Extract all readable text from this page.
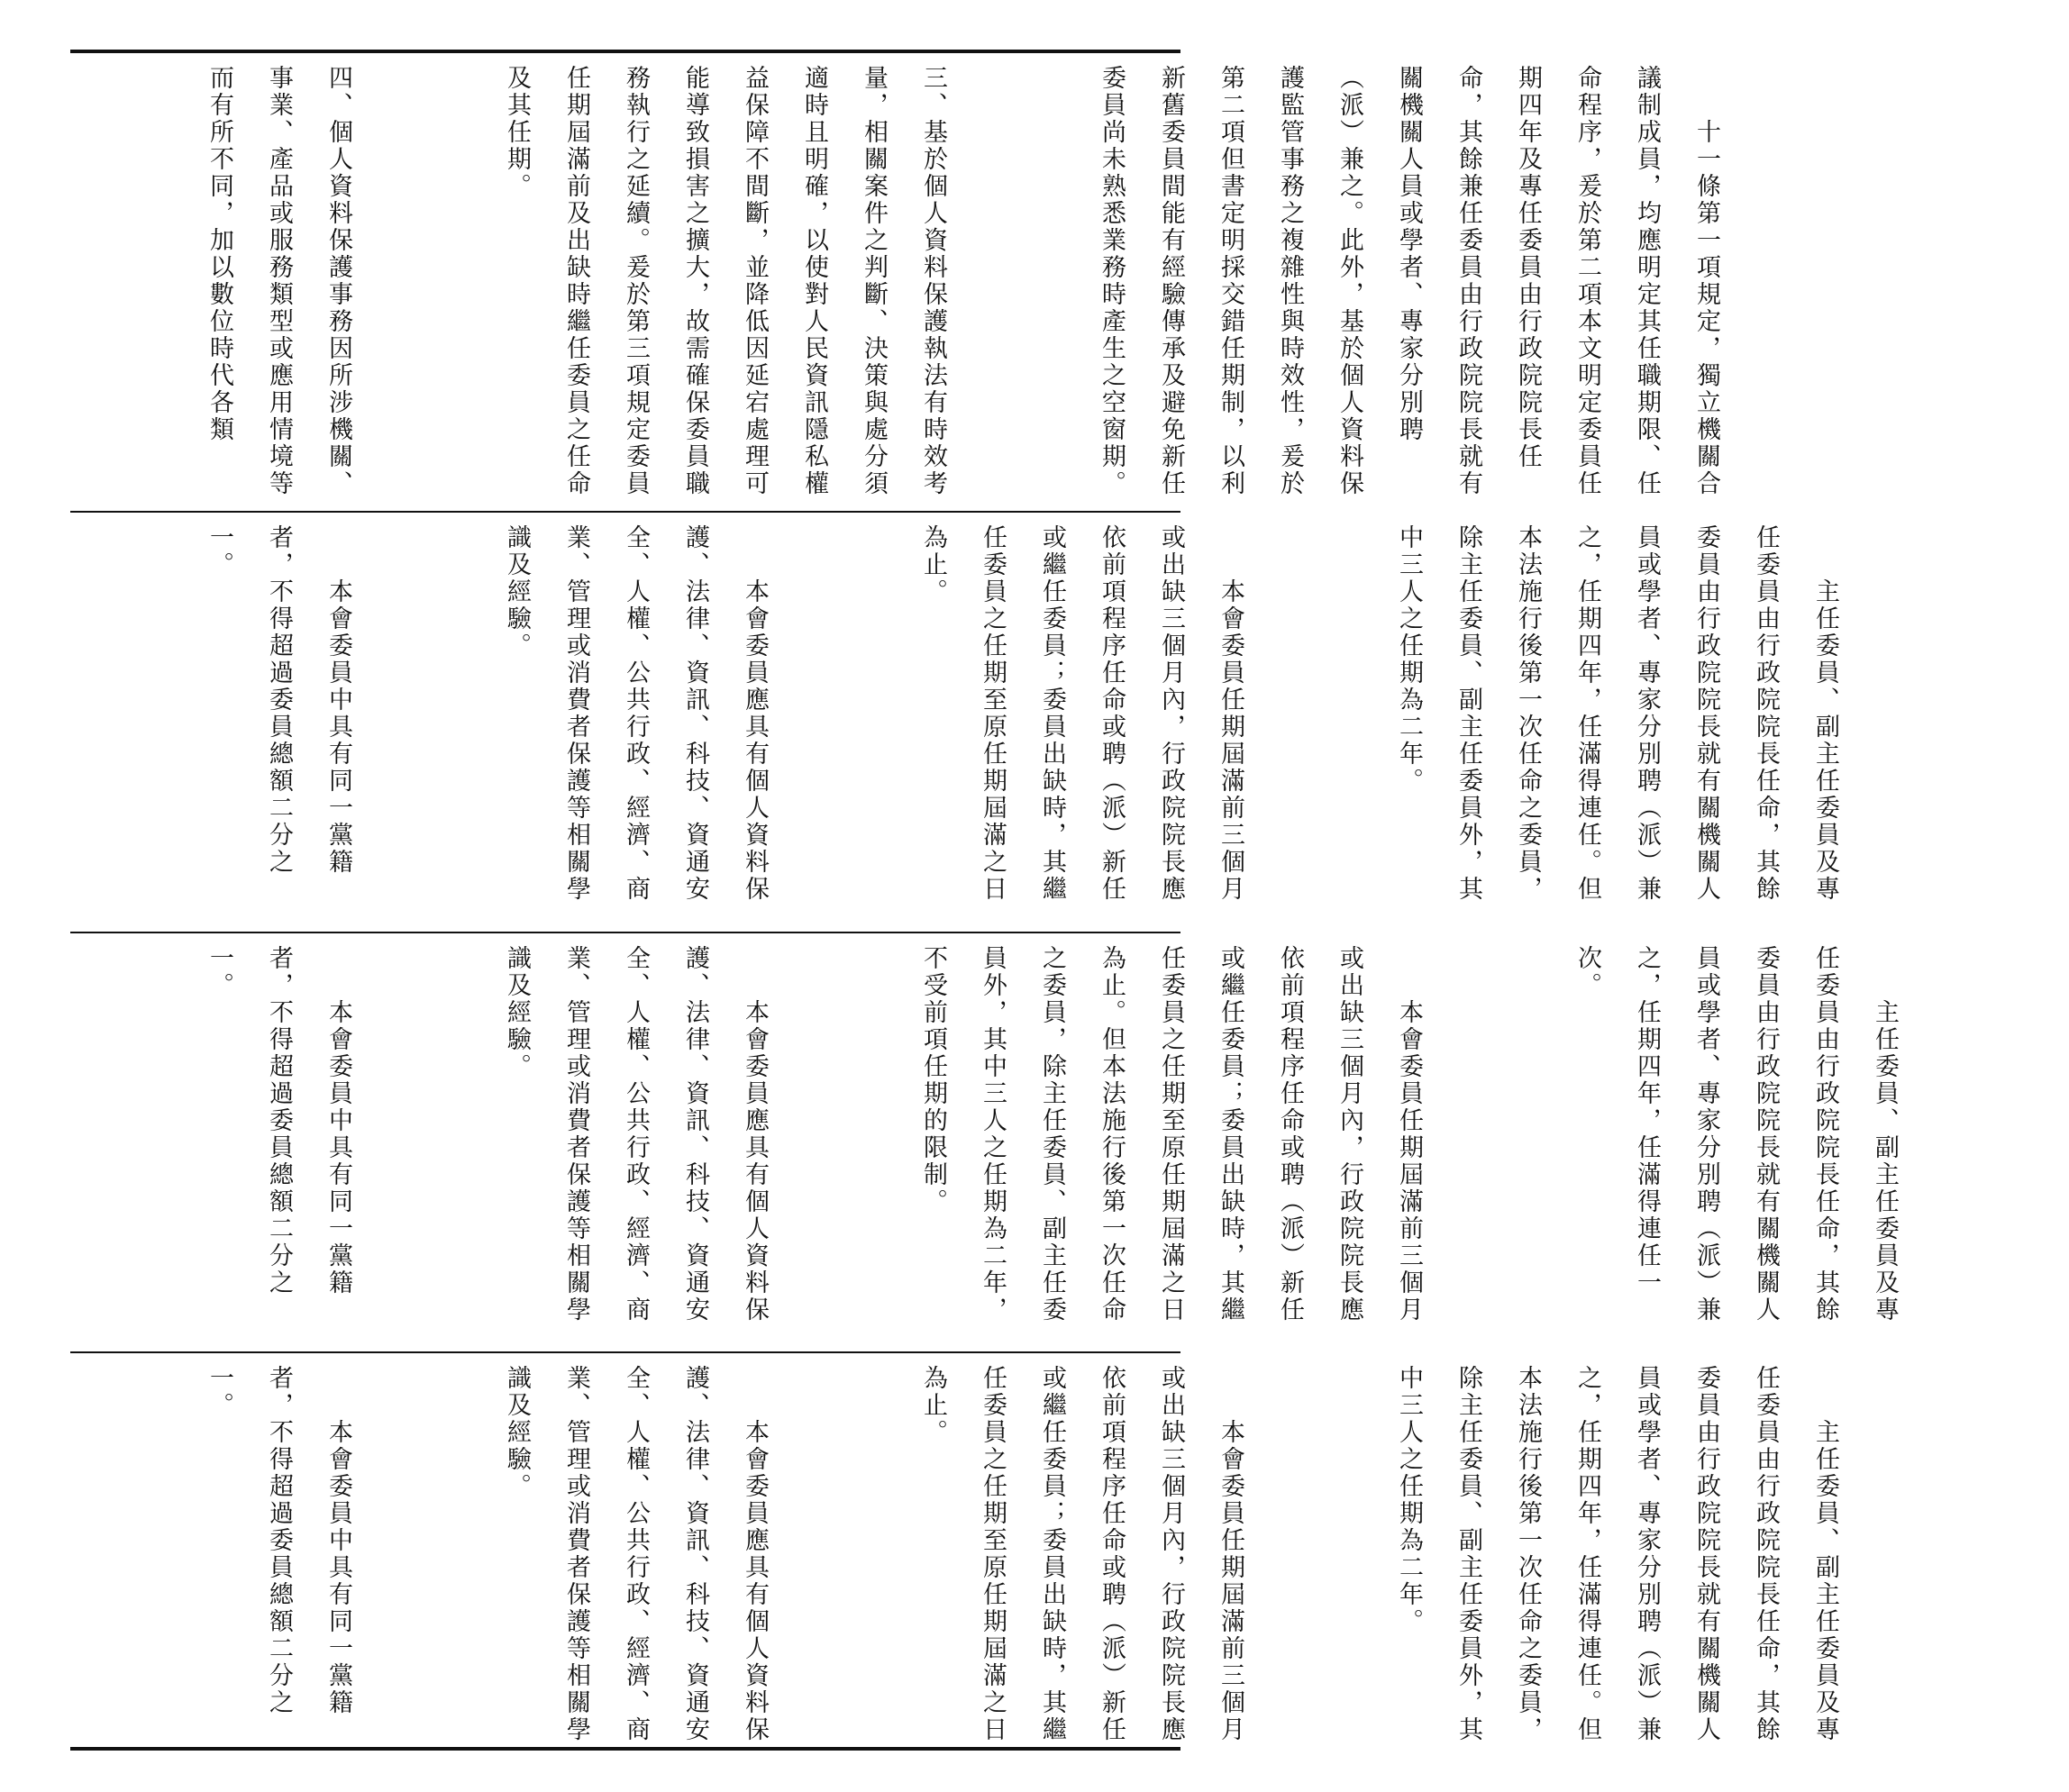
　　十一條第一項規定，獨立機關合議制成員，均應明定其任職期限、任命程序，爰於第二項本文明定委員任期四年及專任委員由行政院院長任命，其餘兼任委員由行政院院長就有關機關人員或學者、專家分別聘（派）兼之。此外，基於個人資料保護監管事務之複雜性與時效性，爰於第二項但書定明採交錯任期制，以利新舊委員間能有經驗傳承及避免新任委員尚未熟悉業務時產生之空窗期。

三、基於個人資料保護執法有時效考量，相關案件之判斷、決策與處分須適時且明確，以使對人民資訊隱私權益保障不間斷，並降低因延宕處理可能導致損害之擴大，故需確保委員職務執行之延續。爰於第三項規定委員任期屆滿前及出缺時繼任委員之任命及其任期。

四、個人資料保護事務因所涉機關、事業、產品或服務類型或應用情境等而有所不同，加以數位時代各類

　　主任委員、副主任委員及專任委員由行政院院長任命，其餘委員由行政院院長就有關機關人員或學者、專家分別聘（派）兼之，任期四年，任滿得連任。但本法施行後第一次任命之委員，除主任委員、副主任委員外，其中三人之任期為二年。

　　本會委員任期屆滿前三個月或出缺三個月內，行政院院長應依前項程序任命或聘（派）新任或繼任委員；委員出缺時，其繼任委員之任期至原任期屆滿之日為止。

　　本會委員應具有個人資料保護、法律、資訊、科技、資通安全、人權、公共行政、經濟、商業、管理或消費者保護等相關學識及經驗。

　　本會委員中具有同一黨籍者，不得超過委員總額二分之一。

　　主任委員、副主任委員及專任委員由行政院院長任命，其餘委員由行政院院長就有關機關人員或學者、專家分別聘（派）兼之，任期四年，任滿得連任一次。

　　本會委員任期屆滿前三個月或出缺三個月內，行政院院長應依前項程序任命或聘（派）新任或繼任委員；委員出缺時，其繼任委員之任期至原任期屆滿之日為止。但本法施行後第一次任命之委員，除主任委員、副主任委員外，其中三人之任期為二年，不受前項任期的限制。

　　本會委員應具有個人資料保護、法律、資訊、科技、資通安全、人權、公共行政、經濟、商業、管理或消費者保護等相關學識及經驗。

　　本會委員中具有同一黨籍者，不得超過委員總額二分之一。

　　主任委員、副主任委員及專任委員由行政院院長任命，其餘委員由行政院院長就有關機關人員或學者、專家分別聘（派）兼之，任期四年，任滿得連任。但本法施行後第一次任命之委員，除主任委員、副主任委員外，其中三人之任期為二年。

　　本會委員任期屆滿前三個月或出缺三個月內，行政院院長應依前項程序任命或聘（派）新任或繼任委員；委員出缺時，其繼任委員之任期至原任期屆滿之日為止。

　　本會委員應具有個人資料保護、法律、資訊、科技、資通安全、人權、公共行政、經濟、商業、管理或消費者保護等相關學識及經驗。

　　本會委員中具有同一黨籍者，不得超過委員總額二分之一。
